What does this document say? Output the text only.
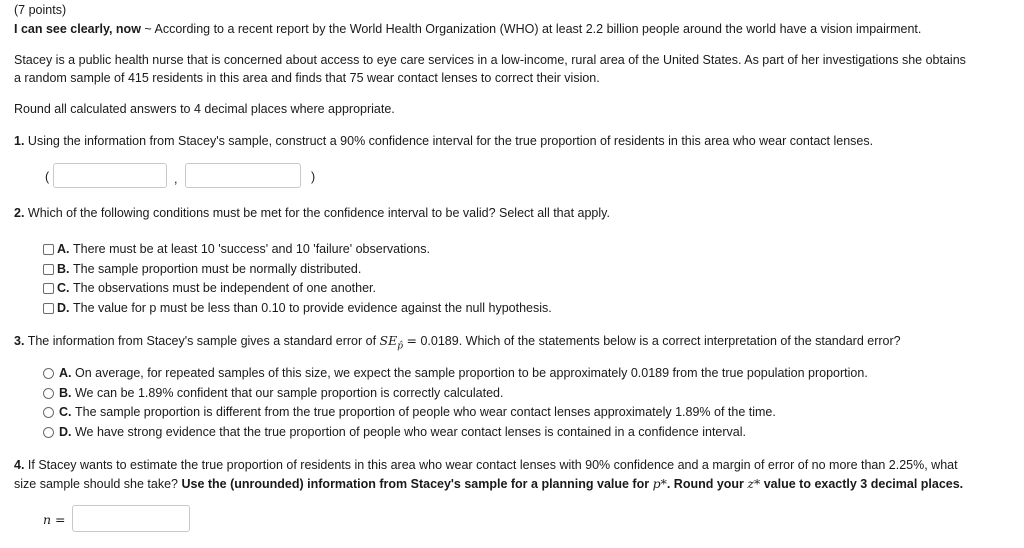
(7 points)
I can see clearly, now ~ According to a recent report by the World Health Organization (WHO) at least 2.2 billion people around the world have a vision impairment.
Stacey is a public health nurse that is concerned about access to eye care services in a low-income, rural area of the United States. As part of her investigations she obtains
a random sample of 415 residents in this area and finds that 75 wear contact lenses to correct their vision.
Round all calculated answers to 4 decimal places where appropriate.
1. Using the information from Stacey's sample, construct a 90% confidence interval for the true proportion of residents in this area who wear contact lenses.
(	,	)
2. Which of the following conditions must be met for the confidence interval to be valid? Select all that apply.
A.
There must be at least 10 'success' and 10 'failure' observations.
B.
The sample proportion must be normally distributed.
C.
The observations must be independent of one another.
D.
The value for p must be less than 0.10 to provide evidence against the null hypothesis.
3. The information from Stacey's sample gives a standard error of $SE_{p̂} = 0.0189$. Which of the statements below is a correct interpretation of the standard error?
A.
On average, for repeated samples of this size, we expect the sample proportion to be approximately 0.0189 from the true population proportion.
B.
We can be 1.89% confident that our sample proportion is correctly calculated.
C.
The sample proportion is different from the true proportion of people who wear contact lenses approximately 1.89% of the time.
D.
We have strong evidence that the true proportion of people who wear contact lenses is contained in a confidence interval.
4. If Stacey wants to estimate the true proportion of residents in this area who wear contact lenses with 90% confidence and a margin of error of no more than 2.25%, what
size sample should she take? Use the (unrounded) information from Stacey's sample for a planning value for p*. Round your z* value to exactly 3 decimal places.
n =
